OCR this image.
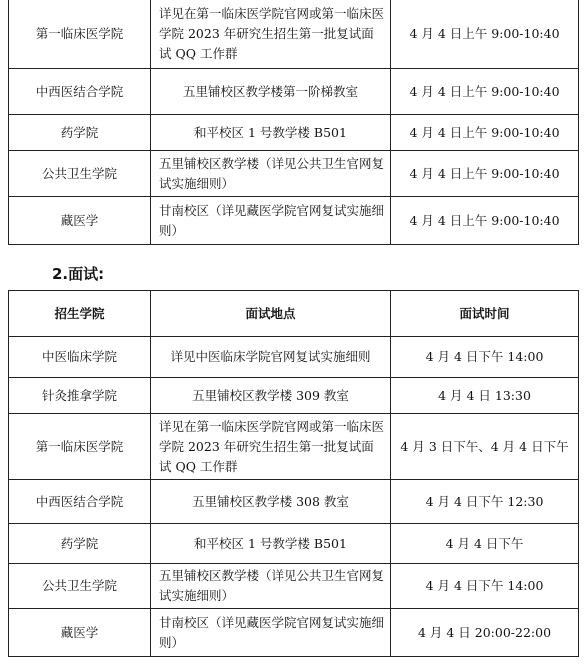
第一临床医学院	详见在第一临床医学院官网或第一临床医学院 2023 年研究生招生第一批复试面试 QQ 工作群	4 月 4 日上午 9:00-10:40
中西医结合学院	五里铺校区教学楼第一阶梯教室	4 月 4 日上午 9:00-10:40
药学院	和平校区 1 号教学楼 B501	4 月 4 日上午 9:00-10:40
公共卫生学院	五里铺校区教学楼（详见公共卫生官网复试实施细则）	4 月 4 日上午 9:00-10:40
藏医学	甘南校区（详见藏医学院官网复试实施细则）	4 月 4 日上午 9:00-10:40
2.面试:
招生学院	面试地点	面试时间
中医临床学院	详见中医临床学院官网复试实施细则	4 月 4 日下午 14:00
针灸推拿学院	五里铺校区教学楼 309 教室	4 月 4 日 13:30
第一临床医学院	详见在第一临床医学院官网或第一临床医学院 2023 年研究生招生第一批复试面试 QQ 工作群	4 月 3 日下午、4 月 4 日下午
中西医结合学院	五里铺校区教学楼 308 教室	4 月 4 日下午 12:30
药学院	和平校区 1 号教学楼 B501	4 月 4 日下午
公共卫生学院	五里铺校区教学楼（详见公共卫生官网复试实施细则）	4 月 4 日下午 14:00
藏医学	甘南校区（详见藏医学院官网复试实施细则）	4 月 4 日 20:00-22:00
